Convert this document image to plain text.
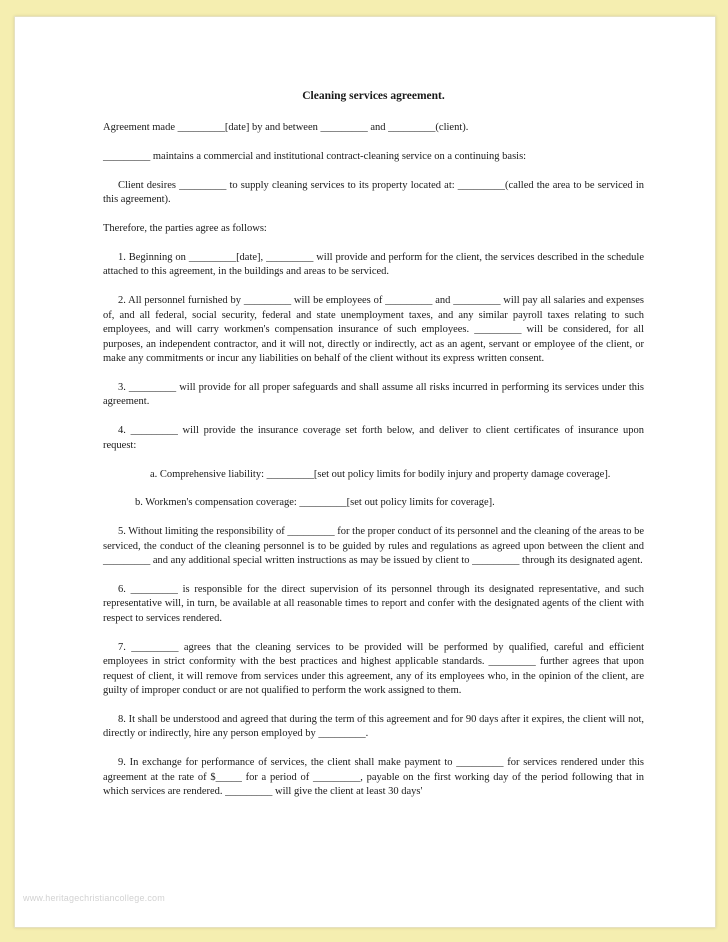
Cleaning services agreement.

Agreement made _________[date] by and between _________ and _________(client).

_________ maintains a commercial and institutional contract-cleaning service on a continuing basis:

Client desires _________ to supply cleaning services to its property located at: _________(called the area to be serviced in this agreement).

Therefore, the parties agree as follows:

1. Beginning on _________[date], _________ will provide and perform for the client, the services described in the schedule attached to this agreement, in the buildings and areas to be serviced.

2. All personnel furnished by _________ will be employees of _________ and _________ will pay all salaries and expenses of, and all federal, social security, federal and state unemployment taxes, and any similar payroll taxes relating to such employees, and will carry workmen's compensation insurance of such employees. _________ will be considered, for all purposes, an independent contractor, and it will not, directly or indirectly, act as an agent, servant or employee of the client, or make any commitments or incur any liabilities on behalf of the client without its express written consent.

3. _________ will provide for all proper safeguards and shall assume all risks incurred in performing its services under this agreement.

4. _________ will provide the insurance coverage set forth below, and deliver to client certificates of insurance upon request:

a. Comprehensive liability: _________[set out policy limits for bodily injury and property damage coverage].

b. Workmen's compensation coverage: _________[set out policy limits for coverage].

5. Without limiting the responsibility of _________ for the proper conduct of its personnel and the cleaning of the areas to be serviced, the conduct of the cleaning personnel is to be guided by rules and regulations as agreed upon between the client and _________ and any additional special written instructions as may be issued by client to _________ through its designated agent.

6. _________ is responsible for the direct supervision of its personnel through its designated representative, and such representative will, in turn, be available at all reasonable times to report and confer with the designated agents of the client with respect to services rendered.

7. _________ agrees that the cleaning services to be provided will be performed by qualified, careful and efficient employees in strict conformity with the best practices and highest applicable standards. _________ further agrees that upon request of client, it will remove from services under this agreement, any of its employees who, in the opinion of the client, are guilty of improper conduct or are not qualified to perform the work assigned to them.

8. It shall be understood and agreed that during the term of this agreement and for 90 days after it expires, the client will not, directly or indirectly, hire any person employed by _________.

9. In exchange for performance of services, the client shall make payment to _________ for services rendered under this agreement at the rate of $_____ for a period of _________, payable on the first working day of the period following that in which services are rendered. _________ will give the client at least 30 days'

www.heritagechristiancollege.com
